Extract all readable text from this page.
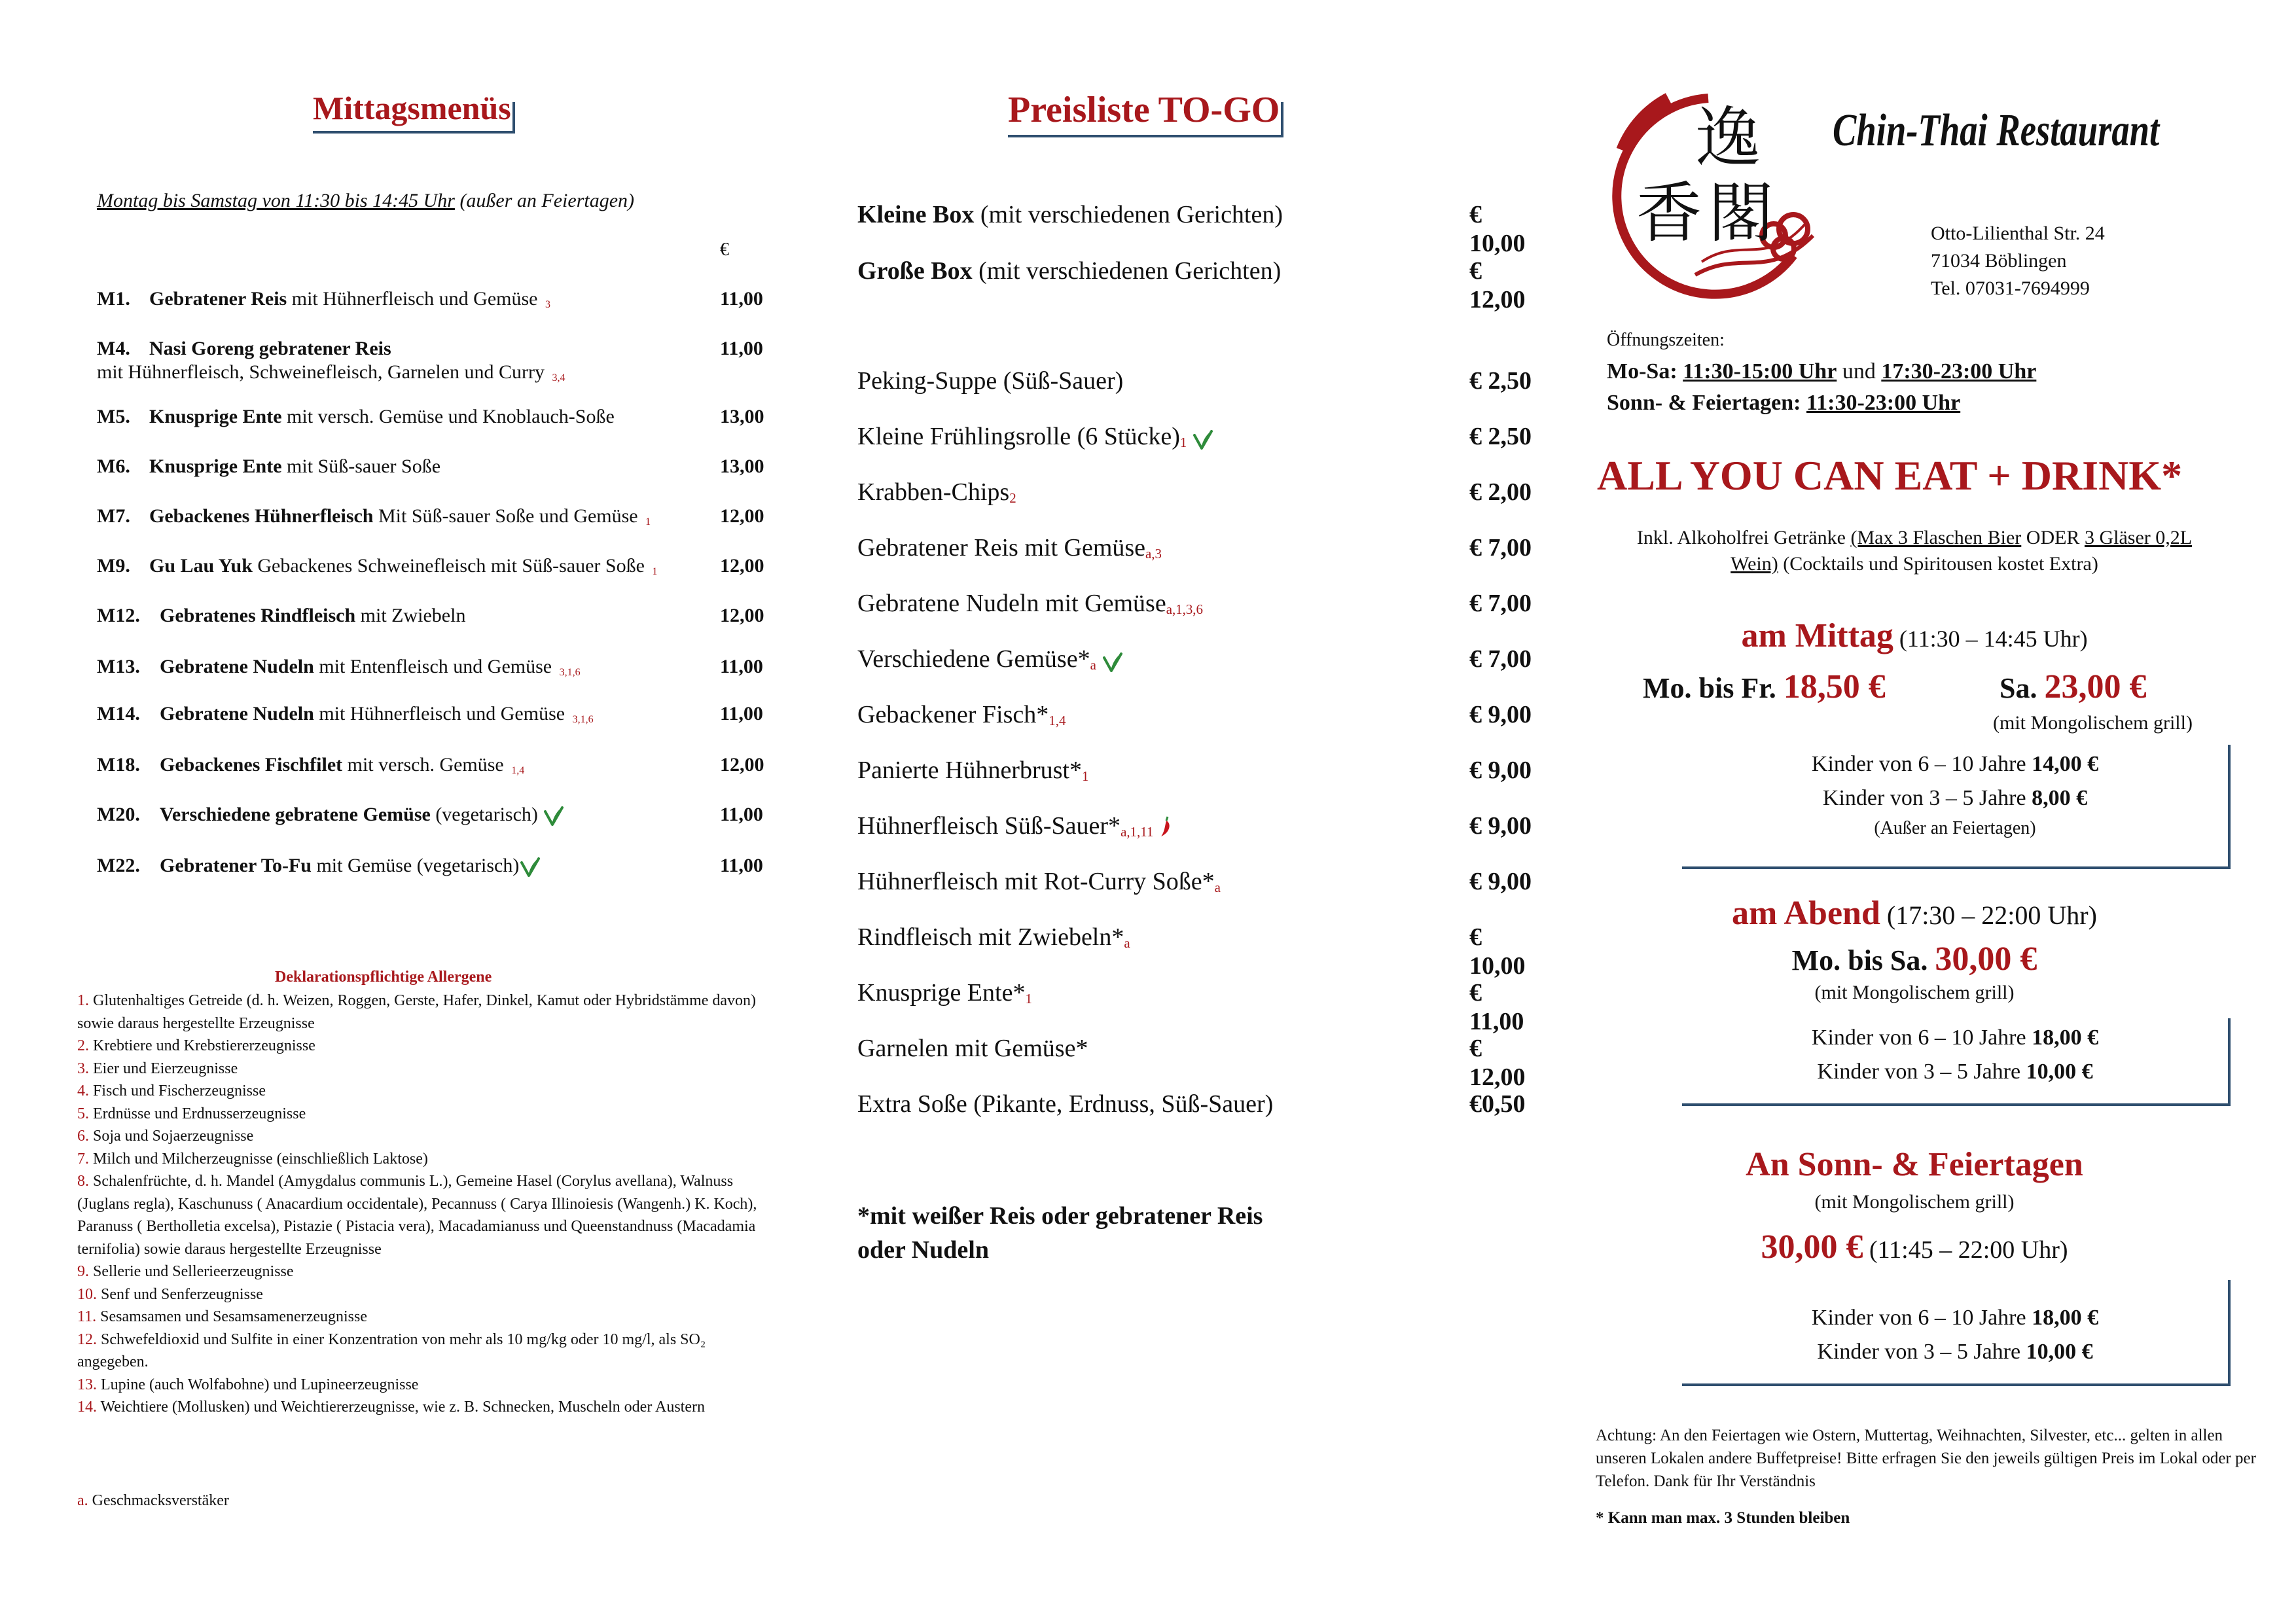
Mittagsmenüs
Montag bis Samstag von 11:30 bis 14:45 Uhr (außer an Feiertagen)
€
M1. Gebratener Reis mit Hühnerfleisch und Gemüse 3	11,00
M4. Nasi Goreng gebratener Reis
mit Hühnerfleisch, Schweinefleisch, Garnelen und Curry 3,4
11,00
M5. Knusprige Ente mit versch. Gemüse und Knoblauch-Soße	13,00
M6. Knusprige Ente mit Süß-sauer Soße	13,00
M7. Gebackenes Hühnerfleisch Mit Süß-sauer Soße und Gemüse 1	12,00
M9. Gu Lau Yuk Gebackenes Schweinefleisch mit Süß-sauer Soße 1	12,00
M12. Gebratenes Rindfleisch mit Zwiebeln	12,00
M13. Gebratene Nudeln mit Entenfleisch und Gemüse 3,1,6	11,00
M14. Gebratene Nudeln mit Hühnerfleisch und Gemüse 3,1,6	11,00
M18. Gebackenes Fischfilet mit versch. Gemüse 1,4	12,00
M20. Verschiedene gebratene Gemüse (vegetarisch)	11,00
M22. Gebratener To-Fu mit Gemüse (vegetarisch)	11,00
Deklarationspflichtige Allergene
1. Glutenhaltiges Getreide (d. h. Weizen, Roggen, Gerste, Hafer, Dinkel, Kamut oder Hybridstämme davon) sowie daraus hergestellte Erzeugnisse
2. Krebtiere und Krebstiererzeugnisse
3. Eier und Eierzeugnisse
4. Fisch und Fischerzeugnisse
5. Erdnüsse und Erdnusserzeugnisse
6. Soja und Sojaerzeugnisse
7. Milch und Milcherzeugnisse (einschließlich Laktose)
8. Schalenfrüchte, d. h. Mandel (Amygdalus communis L.), Gemeine Hasel (Corylus avellana), Walnuss (Juglans regla), Kaschunuss ( Anacardium occidentale), Pecannuss ( Carya Illinoiesis (Wangenh.) K. Koch), Paranuss ( Bertholletia excelsa), Pistazie ( Pistacia vera), Macadamianuss und Queenstandnuss (Macadamia ternifolia) sowie daraus hergestellte Erzeugnisse
9. Sellerie und Sellerieerzeugnisse
10. Senf und Senferzeugnisse
11. Sesamsamen und Sesamsamenerzeugnisse
12. Schwefeldioxid und Sulfite in einer Konzentration von mehr als 10 mg/kg oder 10 mg/l, als SO₂ angegeben.
13. Lupine (auch Wolfabohne) und Lupineerzeugnisse
14. Weichtiere (Mollusken) und Weichtiererzeugnisse, wie z. B. Schnecken, Muscheln oder Austern
a. Geschmacksverstäker
Preisliste TO-GO
Kleine Box (mit verschiedenen Gerichten)	€ 10,00
Große Box (mit verschiedenen Gerichten)	€ 12,00
Peking-Suppe (Süß-Sauer)	€ 2,50
Kleine Frühlingsrolle (6 Stücke)1	€ 2,50
Krabben-Chips2	€ 2,00
Gebratener Reis mit Gemüsea,3	€ 7,00
Gebratene Nudeln mit Gemüsea,1,3,6	€ 7,00
Verschiedene Gemüse*a	€ 7,00
Gebackener Fisch*1,4	€ 9,00
Panierte Hühnerbrust*1	€ 9,00
Hühnerfleisch Süß-Sauer*a,1,11	€ 9,00
Hühnerfleisch mit Rot-Curry Soße*a	€ 9,00
Rindfleisch mit Zwiebeln*a	€ 10,00
Knusprige Ente*1	€ 11,00
Garnelen mit Gemüse*	€ 12,00
Extra Soße (Pikante, Erdnuss, Süß-Sauer)	€0,50
*mit weißer Reis oder gebratener Reis
oder Nudeln
逸
香 閣
Chin-Thai Restaurant
Otto-Lilienthal Str. 24
71034 Böblingen
Tel. 07031-7694999
Öffnungszeiten:
Mo-Sa: 11:30-15:00 Uhr und 17:30-23:00 Uhr
Sonn- & Feiertagen: 11:30-23:00 Uhr
ALL YOU CAN EAT + DRINK*
Inkl. Alkoholfrei Getränke (Max 3 Flaschen Bier ODER 3 Gläser 0,2L
Wein) (Cocktails und Spiritousen kostet Extra)
am Mittag (11:30 – 14:45 Uhr)
Mo. bis Fr. 18,50 €	Sa. 23,00 €
(mit Mongolischem grill)
Kinder von 6 – 10 Jahre 14,00 €
Kinder von 3 – 5 Jahre 8,00 €
(Außer an Feiertagen)
am Abend (17:30 – 22:00 Uhr)
Mo. bis Sa. 30,00 €
(mit Mongolischem grill)
Kinder von 6 – 10 Jahre 18,00 €
Kinder von 3 – 5 Jahre 10,00 €
An Sonn- & Feiertagen
(mit Mongolischem grill)
30,00 € (11:45 – 22:00 Uhr)
Kinder von 6 – 10 Jahre 18,00 €
Kinder von 3 – 5 Jahre 10,00 €
Achtung: An den Feiertagen wie Ostern, Muttertag, Weihnachten, Silvester, etc... gelten in allen unseren Lokalen andere Buffetpreise! Bitte erfragen Sie den jeweils gültigen Preis im Lokal oder per Telefon. Dank für Ihr Verständnis
* Kann man max. 3 Stunden bleiben
